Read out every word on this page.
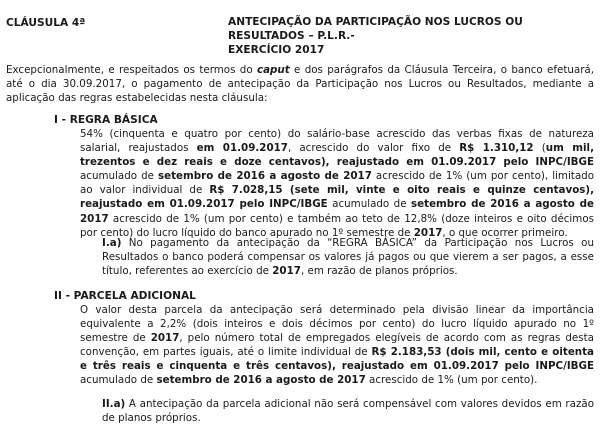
CLÁUSULA 4ª	ANTECIPAÇÃO DA PARTICIPAÇÃO NOS LUCROS OU RESULTADOS – P.L.R.-
EXERCÍCIO 2017

Excepcionalmente, e respeitados os termos do caput e dos parágrafos da Cláusula Terceira, o banco efetuará, até o dia 30.09.2017, o pagamento de antecipação da Participação nos Lucros ou Resultados, mediante a aplicação das regras estabelecidas nesta cláusula:

I - REGRA BÁSICA

54% (cinquenta e quatro por cento) do salário-base acrescido das verbas fixas de natureza salarial, reajustados em 01.09.2017, acrescido do valor fixo de R$ 1.310,12 (um mil, trezentos e dez reais e doze centavos), reajustado em 01.09.2017 pelo INPC/IBGE acumulado de setembro de 2016 a agosto de 2017 acrescido de 1% (um por cento), limitado ao valor individual de R$ 7.028,15 (sete mil, vinte e oito reais e quinze centavos), reajustado em 01.09.2017 pelo INPC/IBGE acumulado de setembro de 2016 a agosto de 2017 acrescido de 1% (um por cento) e também ao teto de 12,8% (doze inteiros e oito décimos por cento) do lucro líquido do banco apurado no 1º semestre de 2017, o que ocorrer primeiro.

I.a) No pagamento da antecipação da “REGRA BÁSICA” da Participação nos Lucros ou Resultados o banco poderá compensar os valores já pagos ou que vierem a ser pagos, a esse título, referentes ao exercício de 2017, em razão de planos próprios.

II - PARCELA ADICIONAL

O valor desta parcela da antecipação será determinado pela divisão linear da importância equivalente a 2,2% (dois inteiros e dois décimos por cento) do lucro líquido apurado no 1º semestre de 2017, pelo número total de empregados elegíveis de acordo com as regras desta convenção, em partes iguais, até o limite individual de R$ 2.183,53 (dois mil, cento e oitenta e três reais e cinquenta e três centavos), reajustado em 01.09.2017 pelo INPC/IBGE acumulado de setembro de 2016 a agosto de 2017 acrescido de 1% (um por cento).

II.a) A antecipação da parcela adicional não será compensável com valores devidos em razão de planos próprios.
